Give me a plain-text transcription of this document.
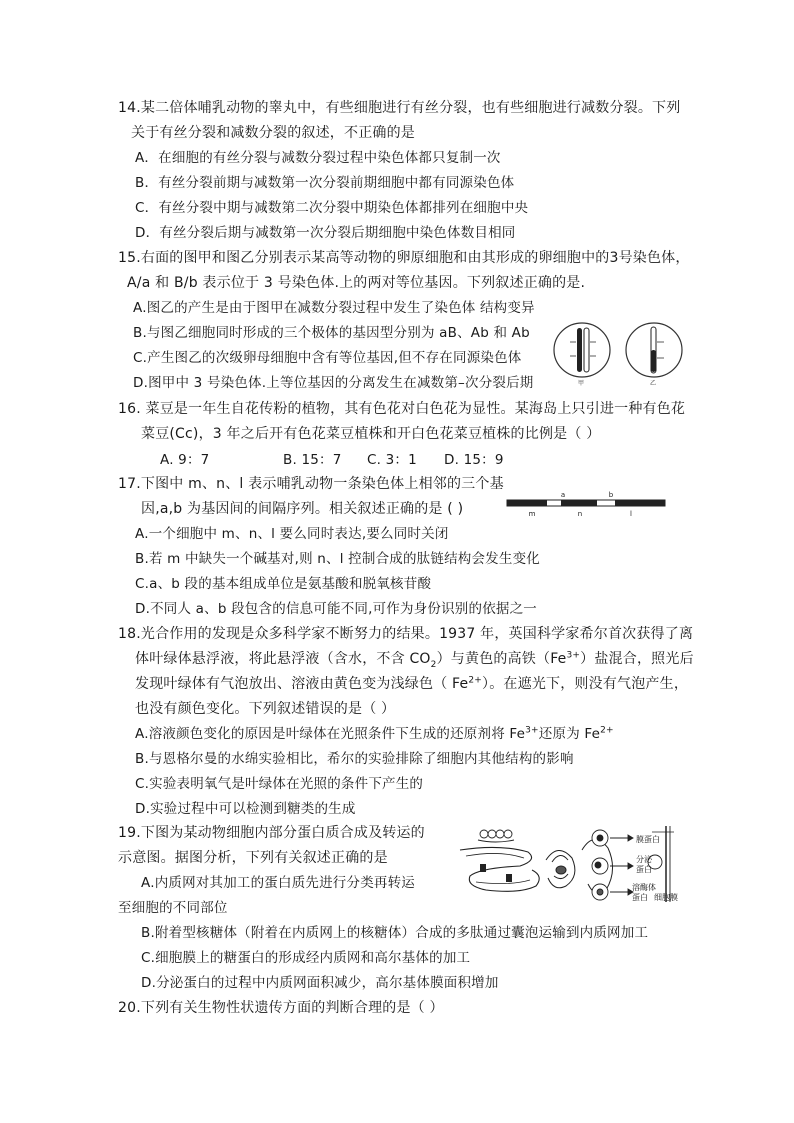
14.某二倍体哺乳动物的睾丸中，有些细胞进行有丝分裂，也有些细胞进行减数分裂。下列
关于有丝分裂和减数分裂的叙述，不正确的是
A．在细胞的有丝分裂与减数分裂过程中染色体都只复制一次
B．有丝分裂前期与减数第一次分裂前期细胞中都有同源染色体
C．有丝分裂中期与减数第二次分裂中期染色体都排列在细胞中央
D．有丝分裂后期与减数第一次分裂后期细胞中染色体数目相同
15.右面的图甲和图乙分别表示某高等动物的卵原细胞和由其形成的卵细胞中的3号染色体，
A/a 和 B/b 表示位于 3 号染色体.上的两对等位基因。下列叙述正确的是.
A.图乙的产生是由于图甲在减数分裂过程中发生了染色体 结构变异
B.与图乙细胞同时形成的三个极体的基因型分别为 aB、Ab 和 Ab
C.产生图乙的次级卵母细胞中含有等位基因,但不存在同源染色体
D.图甲中 3 号染色体.上等位基因的分离发生在减数第–次分裂后期	甲	乙
16. 菜豆是一年生自花传粉的植物，其有色花对白色花为显性。某海岛上只引进一种有色花
菜豆(Cc)，3 年之后开有色花菜豆植株和开白色花菜豆植株的比例是（ ）
A. 9：7	B. 15：7 C. 3：1 D. 15：9
17.下图中 m、n、l 表示哺乳动物一条染色体上相邻的三个基
因,a,b 为基因间的间隔序列。相关叙述正确的是 ( )
A.一个细胞中 m、n、l 要么同时表达,要么同时关闭
B.若 m 中缺失一个碱基对,则 n、l 控制合成的肽链结构会发生变化
C.a、b 段的基本组成单位是氨基酸和脱氧核苷酸
D.不同人 a、b 段包含的信息可能不同,可作为身份识别的依据之一
a	b
m	n	l
18.光合作用的发现是众多科学家不断努力的结果。1937 年，英国科学家希尔首次获得了离
体叶绿体悬浮液，将此悬浮液（含水，不含 $CO_2$）与黄色的高铁$(Fe^{3+})$盐混合，照光后
发现叶绿体有气泡放出、溶液由黄色变为浅绿色（ $Fe^{2+}$）。在遮光下，则没有气泡产生，
也没有颜色变化。下列叙述错误的是（ ）
A.溶液颜色变化的原因是叶绿体在光照条件下生成的还原剂将 $Fe^{3+}$还原为 $Fe^{2+}$
B.与恩格尔曼的水绵实验相比，希尔的实验排除了细胞内其他结构的影响
C.实验表明氧气是叶绿体在光照的条件下产生的
D.实验过程中可以检测到糖类的生成
19.下图为某动物细胞内部分蛋白质合成及转运的
示意图。据图分析，下列有关叙述正确的是
A.内质网对其加工的蛋白质先进行分类再转运
至细胞的不同部位
B.附着型核糖体（附着在内质网上的核糖体）合成的多肽通过囊泡运输到内质网加工
C.细胞膜上的糖蛋白的形成经内质网和高尔基体的加工
D.分泌蛋白的过程中内质网面积减少，高尔基体膜面积增加
膜蛋白
分泌
蛋白
溶酶体
蛋白 细胞膜
20.下列有关生物性状遗传方面的判断合理的是（ ）
